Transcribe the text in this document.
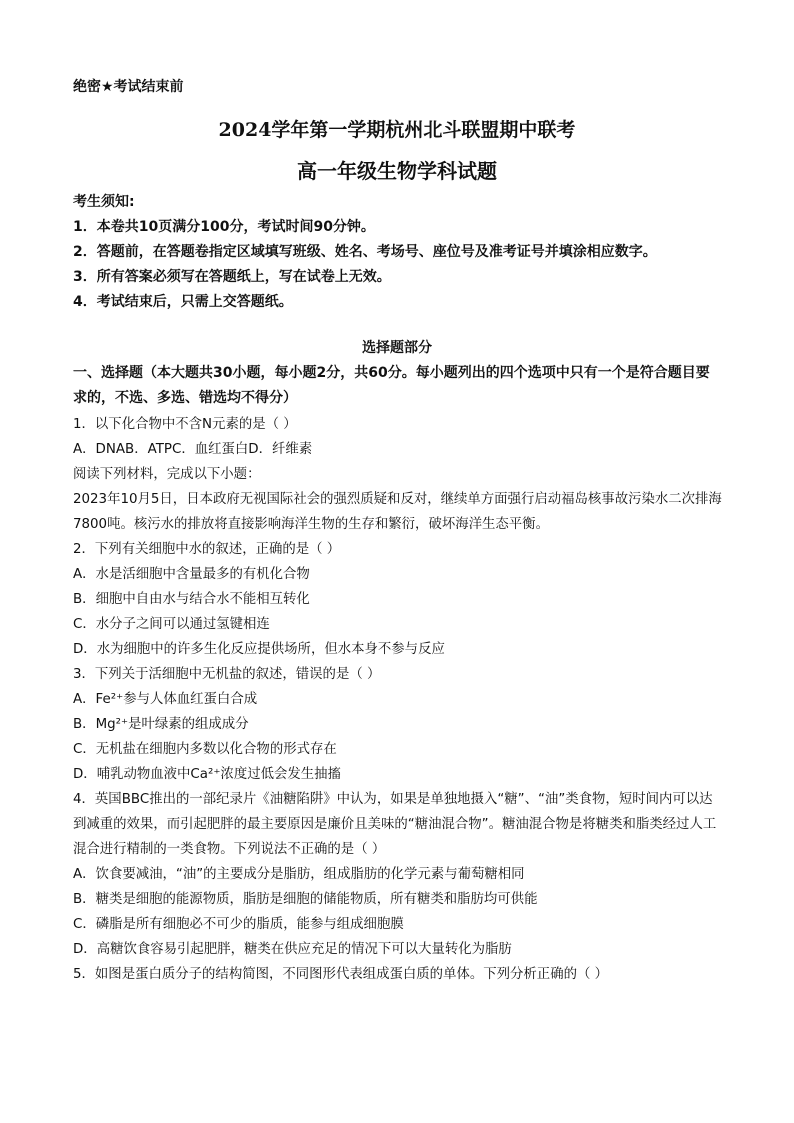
绝密★考试结束前
2024学年第一学期杭州北斗联盟期中联考
高一年级生物学科试题
考生须知:
1．本卷共10页满分100分，考试时间90分钟。
2．答题前，在答题卷指定区域填写班级、姓名、考场号、座位号及准考证号并填涂相应数字。
3．所有答案必须写在答题纸上，写在试卷上无效。
4．考试结束后，只需上交答题纸。
选择题部分
一、选择题（本大题共30小题，每小题2分，共60分。每小题列出的四个选项中只有一个是符合题目要求的，不选、多选、错选均不得分）
1．以下化合物中不含N元素的是（ ）
A．DNAB．ATPC．血红蛋白D．纤维素
阅读下列材料，完成以下小题：
2023年10月5日，日本政府无视国际社会的强烈质疑和反对，继续单方面强行启动福岛核事故污染水二次排海7800吨。核污水的排放将直接影响海洋生物的生存和繁衍，破坏海洋生态平衡。
2．下列有关细胞中水的叙述，正确的是（ ）
A．水是活细胞中含量最多的有机化合物
B．细胞中自由水与结合水不能相互转化
C．水分子之间可以通过氢键相连
D．水为细胞中的许多生化反应提供场所，但水本身不参与反应
3．下列关于活细胞中无机盐的叙述，错误的是（ ）
A．Fe²⁺参与人体血红蛋白合成
B．Mg²⁺是叶绿素的组成成分
C．无机盐在细胞内多数以化合物的形式存在
D．哺乳动物血液中Ca²⁺浓度过低会发生抽搐
4．英国BBC推出的一部纪录片《油糖陷阱》中认为，如果是单独地摄入“糖”、“油”类食物，短时间内可以达到减重的效果，而引起肥胖的最主要原因是廉价且美味的“糖油混合物”。糖油混合物是将糖类和脂类经过人工混合进行精制的一类食物。下列说法不正确的是（ ）
A．饮食要减油，“油”的主要成分是脂肪，组成脂肪的化学元素与葡萄糖相同
B．糖类是细胞的能源物质，脂肪是细胞的储能物质，所有糖类和脂肪均可供能
C．磷脂是所有细胞必不可少的脂质，能参与组成细胞膜
D．高糖饮食容易引起肥胖，糖类在供应充足的情况下可以大量转化为脂肪
5．如图是蛋白质分子的结构简图，不同图形代表组成蛋白质的单体。下列分析正确的（ ）
